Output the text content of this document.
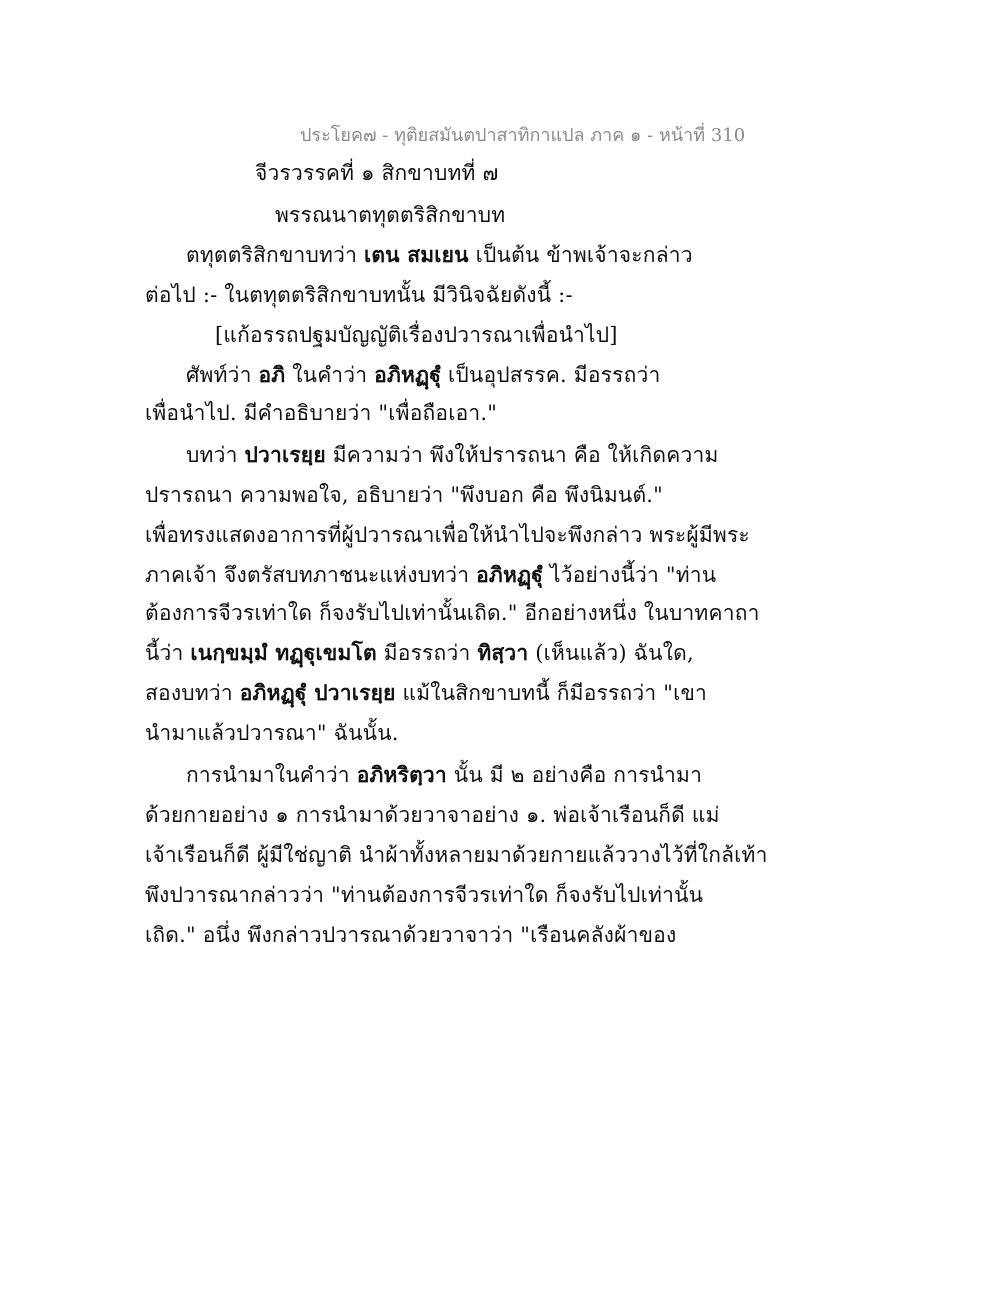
ประโยค๗ - ทุติยสมันตปาสาทิกาแปล ภาค ๑ - หน้าที่ 310
จีวรวรรคที่ ๑ สิกขาบทที่ ๗
พรรณนาตทุตตริสิกขาบท
ตทุตตริสิกขาบทว่า เตน สมเยน เป็นต้น ข้าพเจ้าจะกล่าว
ต่อไป :- ในตทุตตริสิกขาบทนั้น มีวินิจฉัยดังนี้ :-
[แก้อรรถปฐมบัญญัติเรื่องปวารณาเพื่อนำไป]
ศัพท์ว่า อภิ ในคำว่า อภิหฏฺฐุํ เป็นอุปสรรค. มีอรรถว่า
เพื่อนำไป. มีคำอธิบายว่า "เพื่อถือเอา."
บทว่า ปวาเรยฺย มีความว่า พึงให้ปรารถนา คือ ให้เกิดความ
ปรารถนา ความพอใจ, อธิบายว่า "พึงบอก คือ พึงนิมนต์."
เพื่อทรงแสดงอาการที่ผู้ปวารณาเพื่อให้นำไปจะพึงกล่าว พระผู้มีพระ
ภาคเจ้า จึงตรัสบทภาชนะแห่งบทว่า อภิหฏฺฐุํ ไว้อย่างนี้ว่า "ท่าน
ต้องการจีวรเท่าใด ก็จงรับไปเท่านั้นเถิด." อีกอย่างหนึ่ง ในบาทคาถา
นี้ว่า เนกฺขมฺมํ ทฏฺฐุเขมโต มีอรรถว่า ทิสฺวา (เห็นแล้ว) ฉันใด,
สองบทว่า อภิหฏฺฐุํ ปวาเรยฺย แม้ในสิกขาบทนี้ ก็มีอรรถว่า "เขา
นำมาแล้วปวารณา" ฉันนั้น.
การนำมาในคำว่า อภิหริตฺวา นั้น มี ๒ อย่างคือ การนำมา
ด้วยกายอย่าง ๑ การนำมาด้วยวาจาอย่าง ๑. พ่อเจ้าเรือนก็ดี แม่
เจ้าเรือนก็ดี ผู้มีใช่ญาติ นำผ้าทั้งหลายมาด้วยกายแล้ววางไว้ที่ใกล้เท้า
พึงปวารณากล่าวว่า "ท่านต้องการจีวรเท่าใด ก็จงรับไปเท่านั้น
เถิด." อนึ่ง พึงกล่าวปวารณาด้วยวาจาว่า "เรือนคลังผ้าของ
